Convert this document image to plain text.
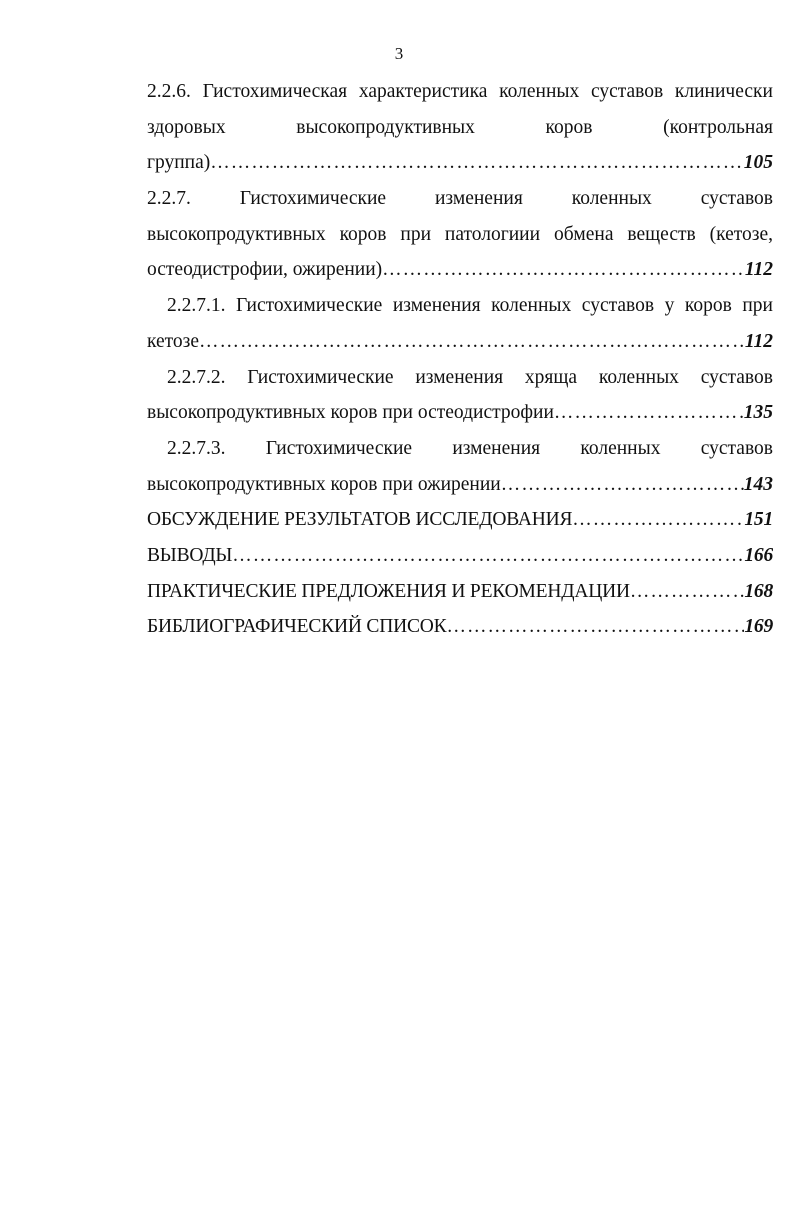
3
2.2.6. Гистохимическая характеристика коленных суставов клинически
здоровых	высокопродуктивных	коров	(контрольная
группа) ……………………………………………………………………………………………………………………………………………………………………………………………	105
2.2.7.	Гистохимические	изменения	коленных	суставов
высокопродуктивных коров при патологиии обмена веществ (кетозе,
остеодистрофии, ожирении) ……………………………………………………………………………………………………………………………………………………………………………………………	112
2.2.7.1. Гистохимические изменения коленных суставов у коров при
кетозе ……………………………………………………………………………………………………………………………………………………………………………………………	112
2.2.7.2. Гистохимические изменения хряща коленных суставов
высокопродуктивных коров при остеодистрофии ……………………………………………………………………………………………………………………………………………………………………………………………	135
2.2.7.3. Гистохимические изменения коленных суставов
высокопродуктивных коров при ожирении ……………………………………………………………………………………………………………………………………………………………………………………………	143
ОБСУЖДЕНИЕ РЕЗУЛЬТАТОВ ИССЛЕДОВАНИЯ ……………………………………………………………………………………………………………………………………………………………………………………………	151
ВЫВОДЫ ……………………………………………………………………………………………………………………………………………………………………………………………	166
ПРАКТИЧЕСКИЕ ПРЕДЛОЖЕНИЯ И РЕКОМЕНДАЦИИ ……………………………………………………………………………………………………………………………………………………………………………………………	168
БИБЛИОГРАФИЧЕСКИЙ СПИСОК ……………………………………………………………………………………………………………………………………………………………………………………………	169
